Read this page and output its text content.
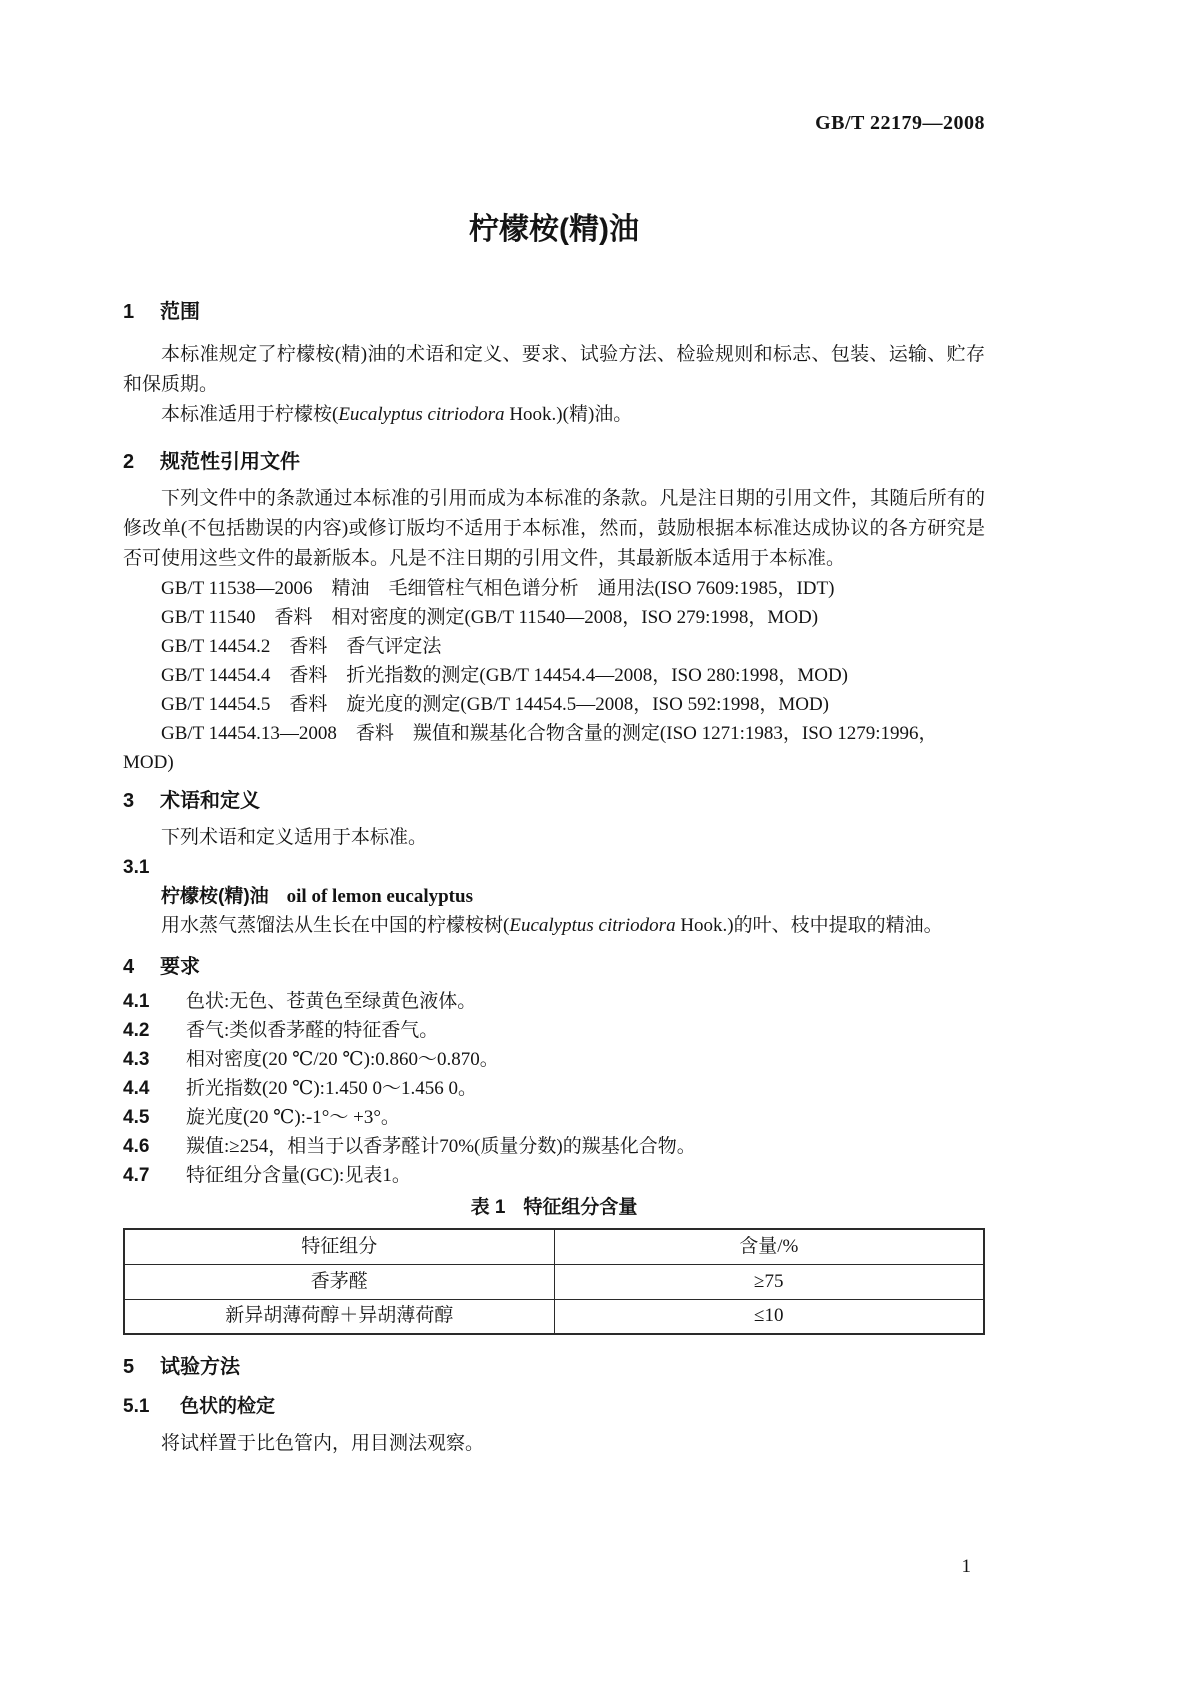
GB/T 22179—2008
柠檬桉(精)油

1 范围

本标准规定了柠檬桉(精)油的术语和定义、要求、试验方法、检验规则和标志、包装、运输、贮存和保质期。

本标准适用于柠檬桉(Eucalyptus citriodora Hook.)(精)油。

2 规范性引用文件

下列文件中的条款通过本标准的引用而成为本标准的条款。凡是注日期的引用文件，其随后所有的修改单(不包括勘误的内容)或修订版均不适用于本标准，然而，鼓励根据本标准达成协议的各方研究是否可使用这些文件的最新版本。凡是不注日期的引用文件，其最新版本适用于本标准。

GB/T 11538—2006　精油　毛细管柱气相色谱分析　通用法(ISO 7609:1985，IDT)

GB/T 11540　香料　相对密度的测定(GB/T 11540—2008，ISO 279:1998，MOD)

GB/T 14454.2　香料　香气评定法

GB/T 14454.4　香料　折光指数的测定(GB/T 14454.4—2008，ISO 280:1998，MOD)

GB/T 14454.5　香料　旋光度的测定(GB/T 14454.5—2008，ISO 592:1998，MOD)

GB/T 14454.13—2008　香料　羰值和羰基化合物含量的测定(ISO 1271:1983，ISO 1279:1996，MOD)

3 术语和定义

下列术语和定义适用于本标准。

3.1

柠檬桉(精)油 oil of lemon eucalyptus

用水蒸气蒸馏法从生长在中国的柠檬桉树(Eucalyptus citriodora Hook.)的叶、枝中提取的精油。

4 要求

4.1 色状:无色、苍黄色至绿黄色液体。

4.2 香气:类似香茅醛的特征香气。

4.3 相对密度(20 ℃/20 ℃):0.860～0.870。

4.4 折光指数(20 ℃):1.450 0～1.456 0。

4.5 旋光度(20 ℃):-1°～ +3°。

4.6 羰值:≥254，相当于以香茅醛计70%(质量分数)的羰基化合物。

4.7 特征组分含量(GC):见表1。

表 1 特征组分含量

特征组分	含量/%
香茅醛	≥75
新异胡薄荷醇＋异胡薄荷醇	≤10

5 试验方法

5.1 色状的检定

将试样置于比色管内，用目测法观察。

1
